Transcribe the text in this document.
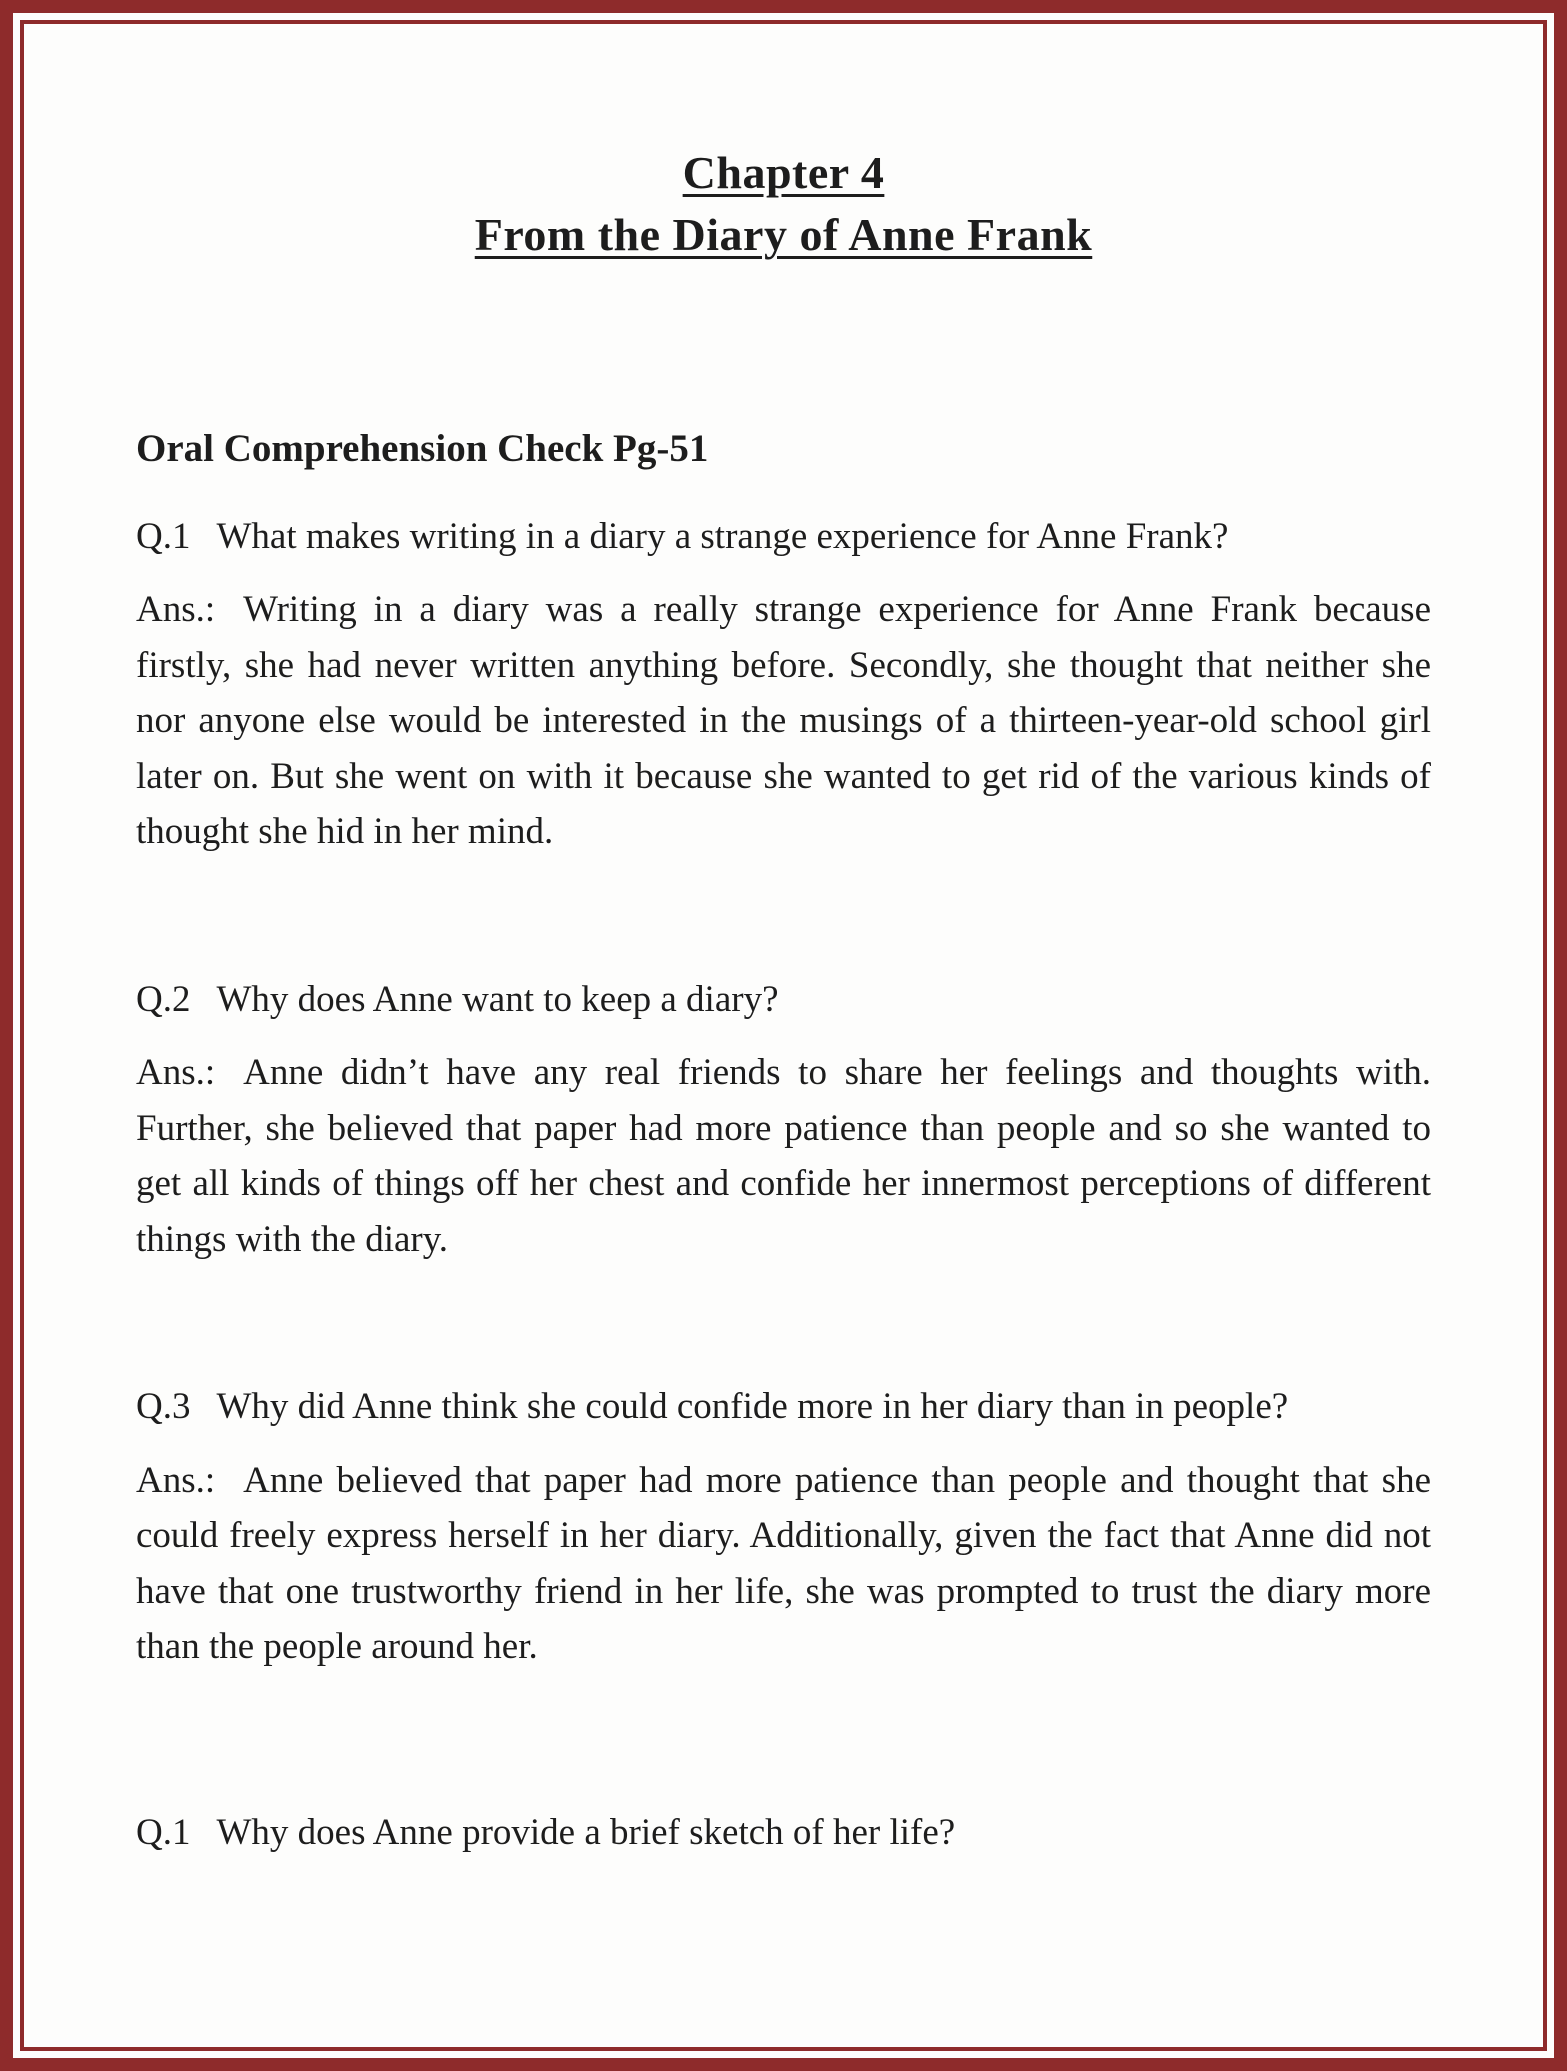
Chapter 4
From the Diary of Anne Frank
Oral Comprehension Check Pg-51

Q.1 What makes writing in a diary a strange experience for Anne Frank?

Ans.: Writing in a diary was a really strange experience for Anne Frank because firstly, she had never written anything before. Secondly, she thought that neither she nor anyone else would be interested in the musings of a thirteen-year-old school girl later on. But she went on with it because she wanted to get rid of the various kinds of thought she hid in her mind.

Q.2 Why does Anne want to keep a diary?

Ans.: Anne didn’t have any real friends to share her feelings and thoughts with. Further, she believed that paper had more patience than people and so she wanted to get all kinds of things off her chest and confide her innermost perceptions of different things with the diary.

Q.3 Why did Anne think she could confide more in her diary than in people?

Ans.: Anne believed that paper had more patience than people and thought that she could freely express herself in her diary. Additionally, given the fact that Anne did not have that one trustworthy friend in her life, she was prompted to trust the diary more than the people around her.

Q.1 Why does Anne provide a brief sketch of her life?
